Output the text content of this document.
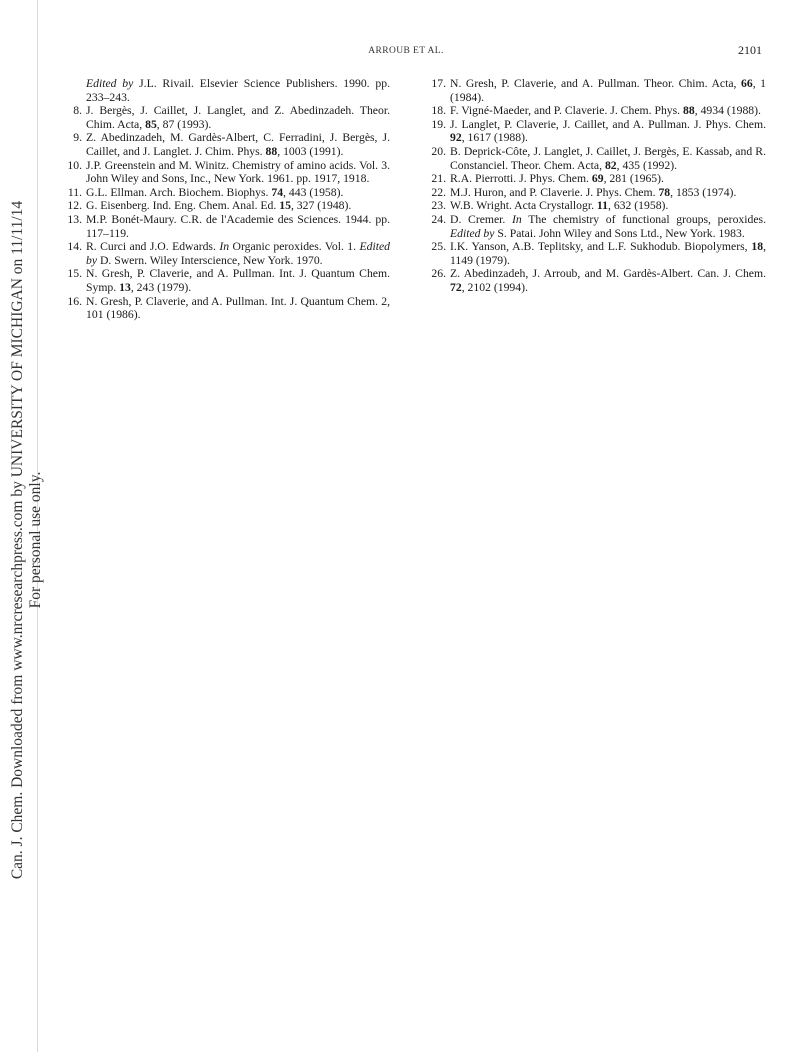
Can. J. Chem. Downloaded from www.nrcresearchpress.com by UNIVERSITY OF MICHIGAN on 11/11/14 For personal use only.
ARROUB ET AL.	2101
Edited by J.L. Rivail. Elsevier Science Publishers. 1990. pp. 233–243.
8. J. Bergès, J. Caillet, J. Langlet, and Z. Abedinzadeh. Theor. Chim. Acta, 85, 87 (1993).
9. Z. Abedinzadeh, M. Gardès-Albert, C. Ferradini, J. Bergès, J. Caillet, and J. Langlet. J. Chim. Phys. 88, 1003 (1991).
10. J.P. Greenstein and M. Winitz. Chemistry of amino acids. Vol. 3. John Wiley and Sons, Inc., New York. 1961. pp. 1917, 1918.
11. G.L. Ellman. Arch. Biochem. Biophys. 74, 443 (1958).
12. G. Eisenberg. Ind. Eng. Chem. Anal. Ed. 15, 327 (1948).
13. M.P. Bonét-Maury. C.R. de l'Academie des Sciences. 1944. pp. 117–119.
14. R. Curci and J.O. Edwards. In Organic peroxides. Vol. 1. Edited by D. Swern. Wiley Interscience, New York. 1970.
15. N. Gresh, P. Claverie, and A. Pullman. Int. J. Quantum Chem. Symp. 13, 243 (1979).
16. N. Gresh, P. Claverie, and A. Pullman. Int. J. Quantum Chem. 2, 101 (1986).
17. N. Gresh, P. Claverie, and A. Pullman. Theor. Chim. Acta, 66, 1 (1984).
18. F. Vigné-Maeder, and P. Claverie. J. Chem. Phys. 88, 4934 (1988).
19. J. Langlet, P. Claverie, J. Caillet, and A. Pullman. J. Phys. Chem. 92, 1617 (1988).
20. B. Deprick-Côte, J. Langlet, J. Caillet, J. Bergès, E. Kassab, and R. Constanciel. Theor. Chem. Acta, 82, 435 (1992).
21. R.A. Pierrotti. J. Phys. Chem. 69, 281 (1965).
22. M.J. Huron, and P. Claverie. J. Phys. Chem. 78, 1853 (1974).
23. W.B. Wright. Acta Crystallogr. 11, 632 (1958).
24. D. Cremer. In The chemistry of functional groups, peroxides. Edited by S. Patai. John Wiley and Sons Ltd., New York. 1983.
25. I.K. Yanson, A.B. Teplitsky, and L.F. Sukhodub. Biopolymers, 18, 1149 (1979).
26. Z. Abedinzadeh, J. Arroub, and M. Gardès-Albert. Can. J. Chem. 72, 2102 (1994).
